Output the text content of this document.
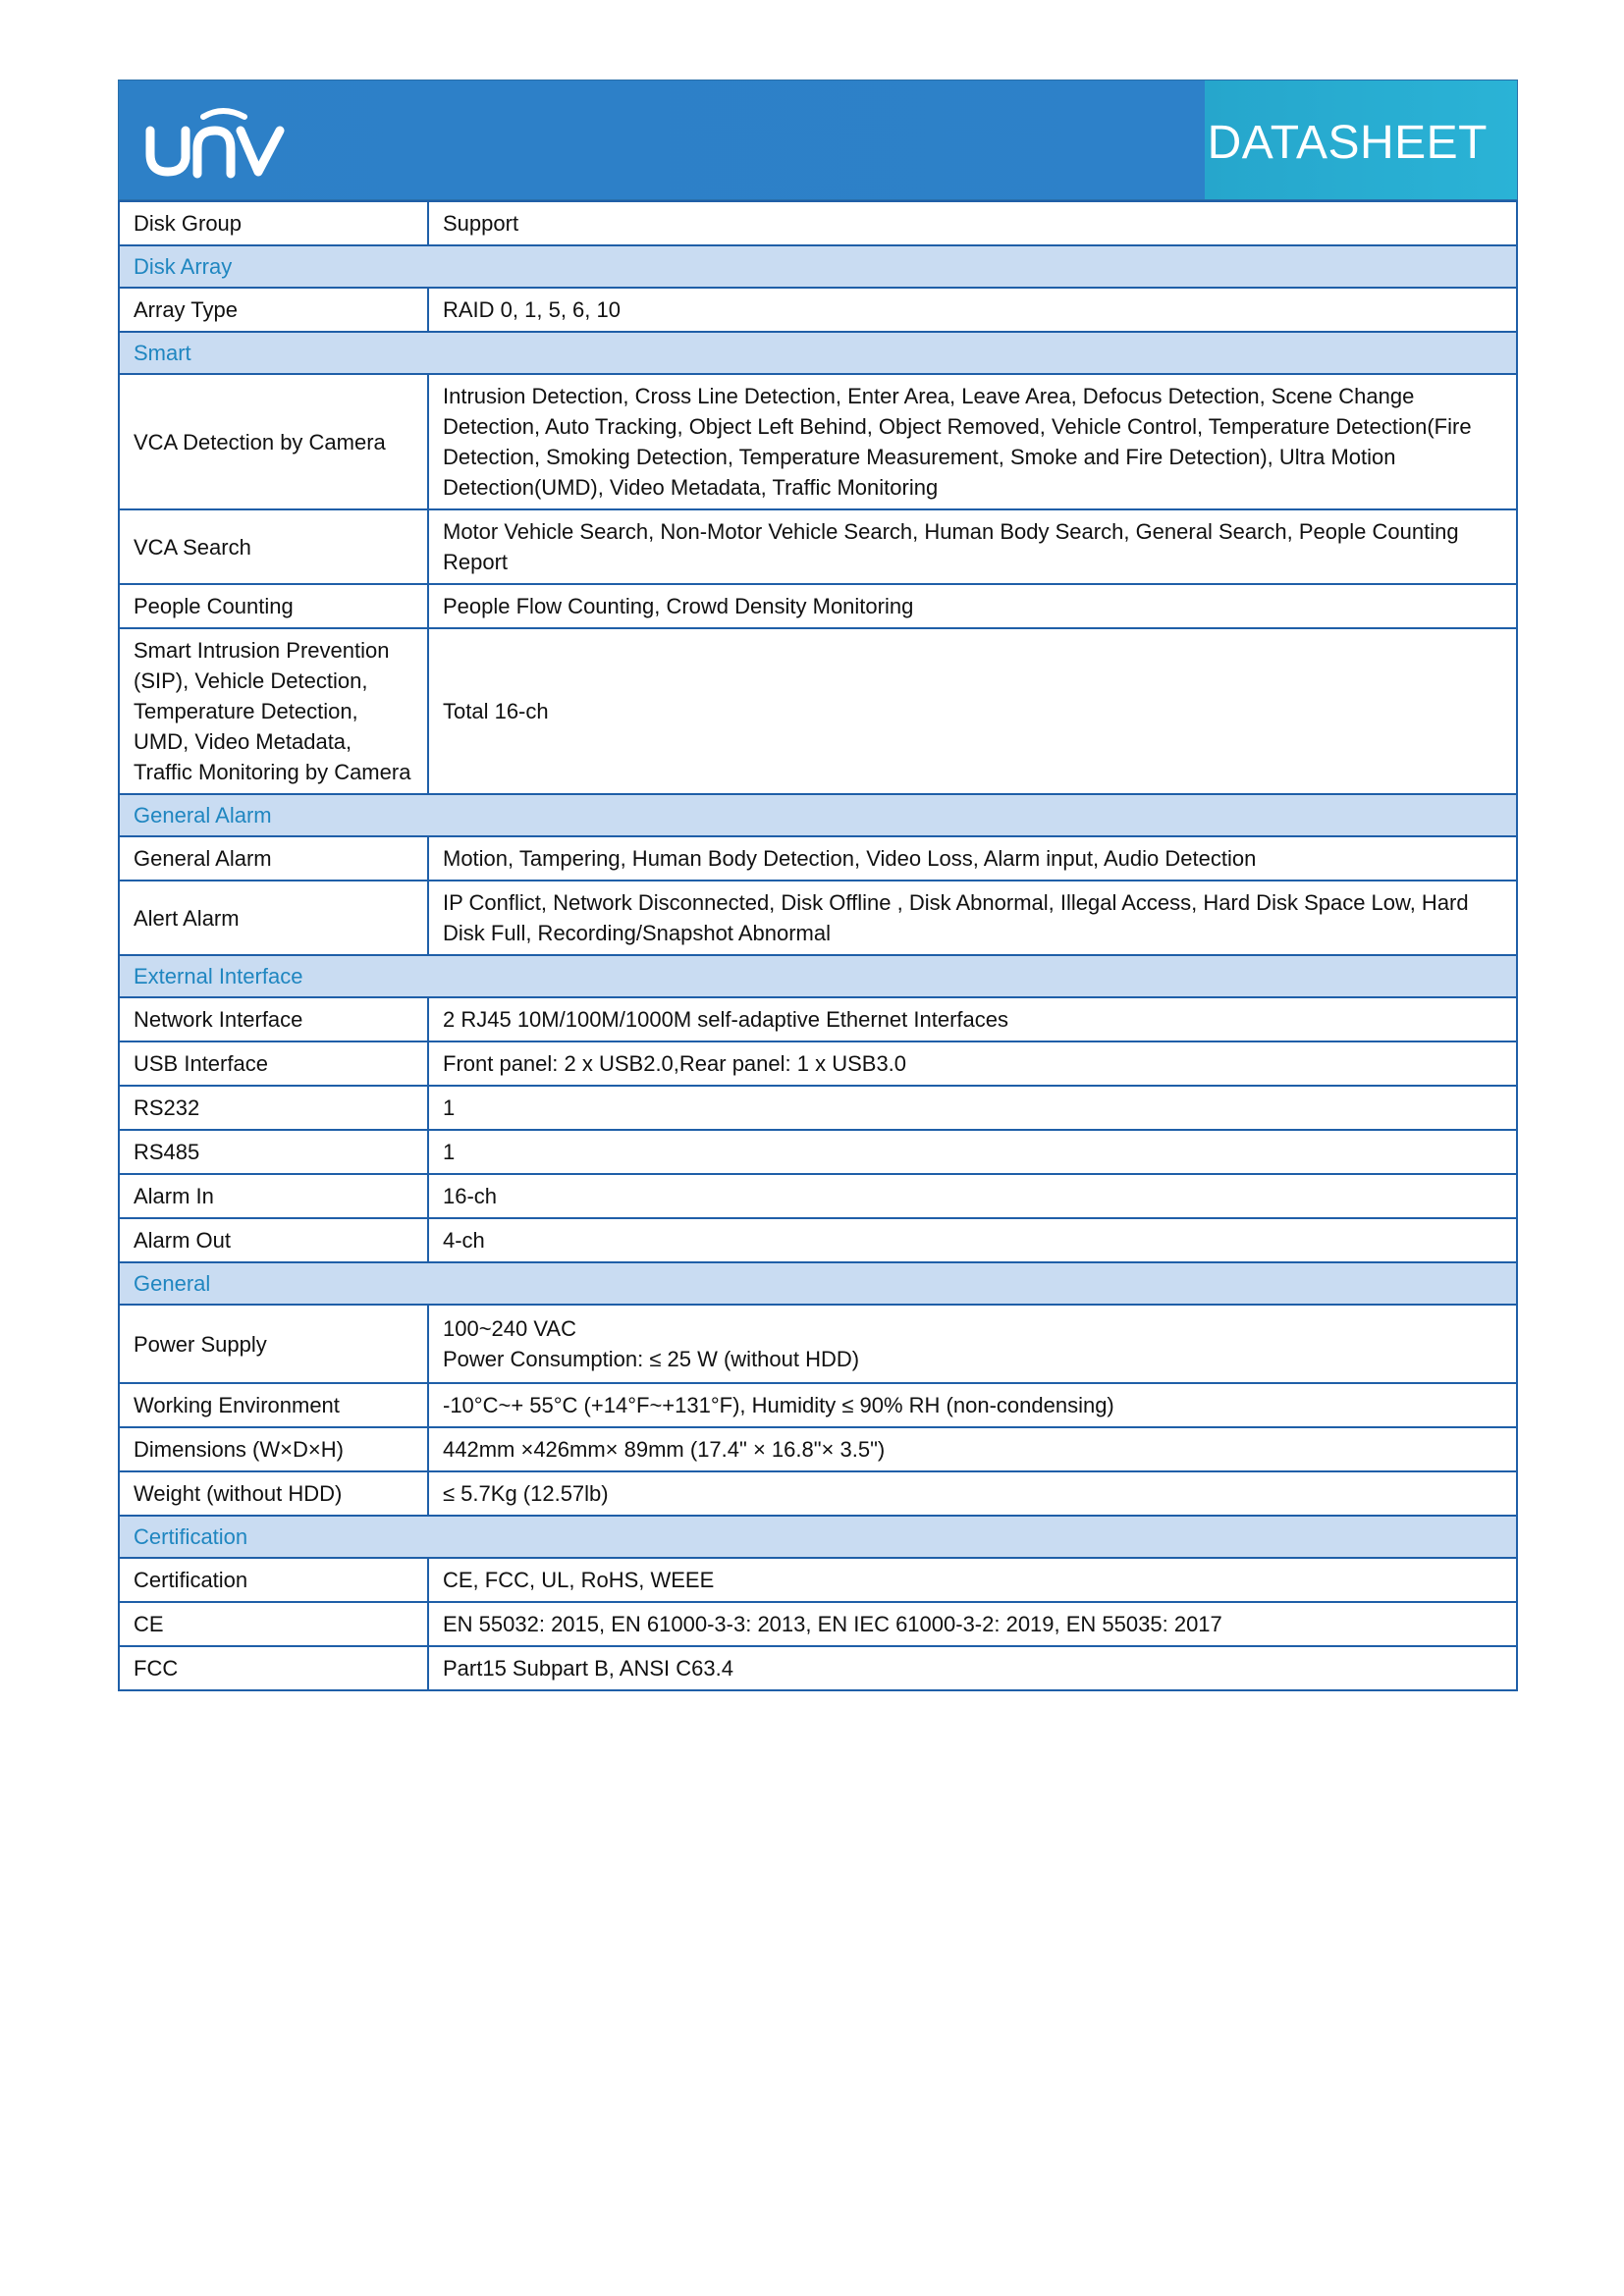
DATASHEET
Disk Group	Support

Disk Array	
Array Type	RAID 0, 1, 5, 6, 10

Smart	
VCA Detection by Camera	Intrusion Detection, Cross Line Detection, Enter Area, Leave Area, Defocus Detection, Scene Change Detection, Auto Tracking, Object Left Behind, Object Removed, Vehicle Control, Temperature Detection(Fire Detection, Smoking Detection, Temperature Measurement, Smoke and Fire Detection), Ultra Motion Detection(UMD), Video Metadata, Traffic Monitoring

VCA Search	Motor Vehicle Search, Non-Motor Vehicle Search, Human Body Search, General Search, People Counting Report

People Counting	People Flow Counting, Crowd Density Monitoring

Smart Intrusion Prevention (SIP), Vehicle Detection, Temperature Detection, UMD, Video Metadata, Traffic Monitoring by Camera	Total 16-ch

General Alarm	
General Alarm	Motion, Tampering, Human Body Detection, Video Loss, Alarm input, Audio Detection

Alert Alarm	IP Conflict, Network Disconnected, Disk Offline , Disk Abnormal, Illegal Access, Hard Disk Space Low, Hard Disk Full, Recording/Snapshot Abnormal

External Interface	
Network Interface	2 RJ45 10M/100M/1000M self-adaptive Ethernet Interfaces

USB Interface	Front panel: 2 x USB2.0,Rear panel: 1 x USB3.0

RS232	1

RS485	1

Alarm In	16-ch

Alarm Out	4-ch

General	
Power Supply	100~240 VAC
Power Consumption: ≤ 25 W (without HDD)

Working Environment	-10°C~+ 55°C (+14°F~+131°F), Humidity ≤ 90% RH (non-condensing)

Dimensions (W×D×H)	442mm ×426mm× 89mm (17.4" × 16.8"× 3.5")

Weight (without HDD)	≤ 5.7Kg (12.57lb)

Certification	
Certification	CE, FCC, UL, RoHS, WEEE

CE	EN 55032: 2015, EN 61000-3-3: 2013, EN IEC 61000-3-2: 2019, EN 55035: 2017

FCC	Part15 Subpart B, ANSI C63.4
